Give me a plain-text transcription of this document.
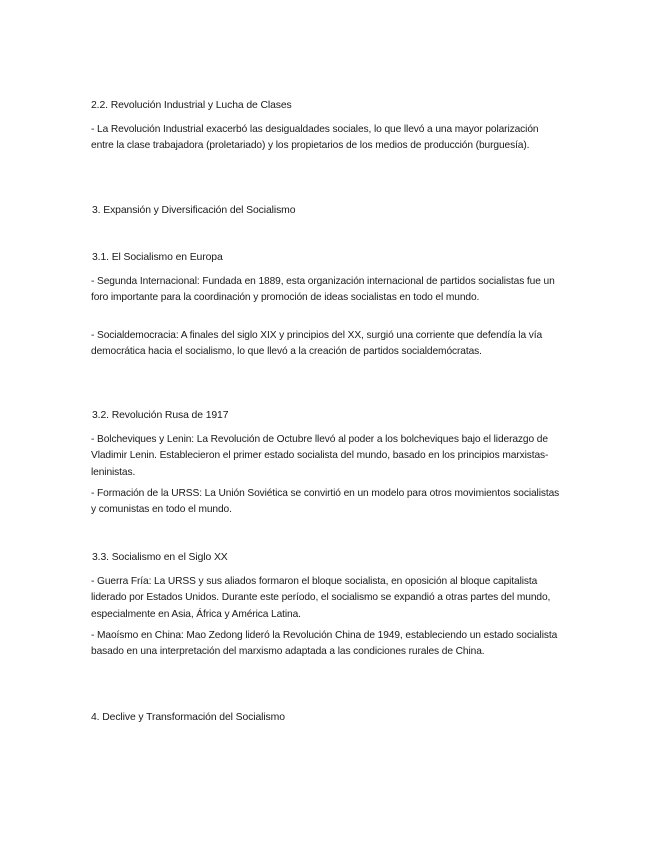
2.2. Revolución Industrial y Lucha de Clases

- La Revolución Industrial exacerbó las desigualdades sociales, lo que llevó a una mayor polarización entre la clase trabajadora (proletariado) y los propietarios de los medios de producción (burguesía).

3. Expansión y Diversificación del Socialismo

3.1. El Socialismo en Europa

- Segunda Internacional: Fundada en 1889, esta organización internacional de partidos socialistas fue un foro importante para la coordinación y promoción de ideas socialistas en todo el mundo.

- Socialdemocracia: A finales del siglo XIX y principios del XX, surgió una corriente que defendía la vía democrática hacia el socialismo, lo que llevó a la creación de partidos socialdemócratas.

3.2. Revolución Rusa de 1917

- Bolcheviques y Lenin: La Revolución de Octubre llevó al poder a los bolcheviques bajo el liderazgo de Vladimir Lenin. Establecieron el primer estado socialista del mundo, basado en los principios marxistas-leninistas.

- Formación de la URSS: La Unión Soviética se convirtió en un modelo para otros movimientos socialistas y comunistas en todo el mundo.

3.3. Socialismo en el Siglo XX

- Guerra Fría: La URSS y sus aliados formaron el bloque socialista, en oposición al bloque capitalista liderado por Estados Unidos. Durante este período, el socialismo se expandió a otras partes del mundo, especialmente en Asia, África y América Latina.

- Maoísmo en China: Mao Zedong lideró la Revolución China de 1949, estableciendo un estado socialista basado en una interpretación del marxismo adaptada a las condiciones rurales de China.

4. Declive y Transformación del Socialismo
